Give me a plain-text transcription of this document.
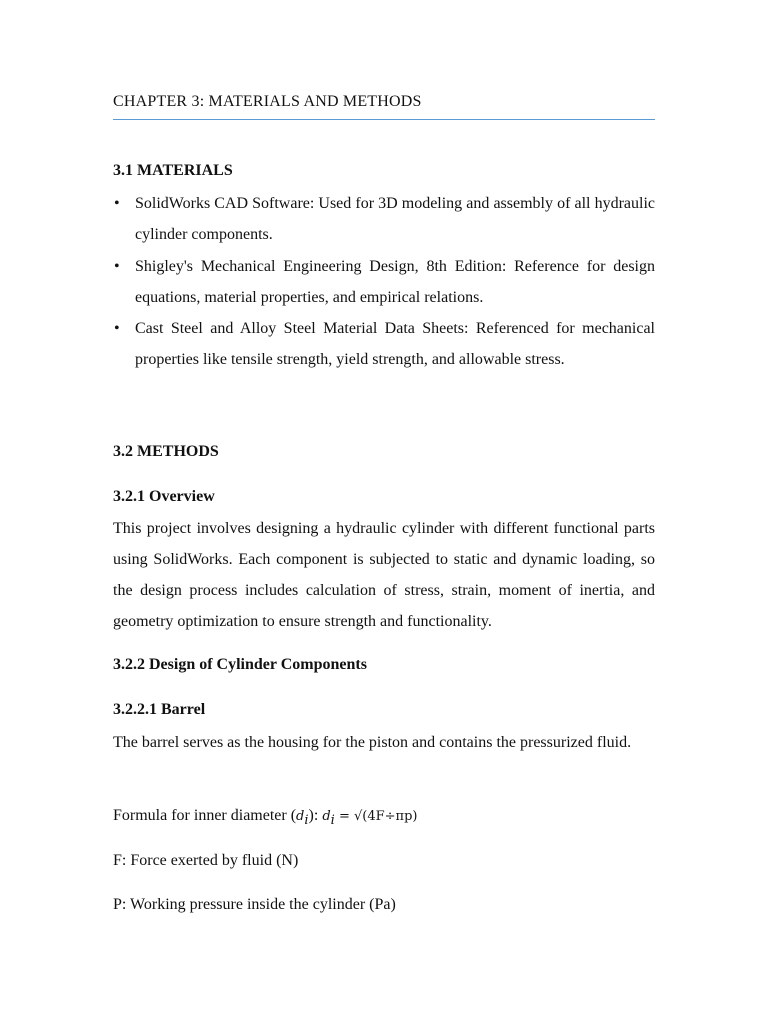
CHAPTER 3: MATERIALS AND METHODS
3.1 MATERIALS
• SolidWorks CAD Software: Used for 3D modeling and assembly of all hydraulic cylinder components.
• Shigley's Mechanical Engineering Design, 8th Edition: Reference for design equations, material properties, and empirical relations.
• Cast Steel and Alloy Steel Material Data Sheets: Referenced for mechanical properties like tensile strength, yield strength, and allowable stress.
3.2 METHODS
3.2.1 Overview
This project involves designing a hydraulic cylinder with different functional parts using SolidWorks. Each component is subjected to static and dynamic loading, so the design process includes calculation of stress, strain, moment of inertia, and geometry optimization to ensure strength and functionality.
3.2.2 Design of Cylinder Components
3.2.2.1 Barrel
The barrel serves as the housing for the piston and contains the pressurized fluid.
Formula for inner diameter $(d_i)$: $d_i = √(4F\div\pi p)$
F: Force exerted by fluid (N)
P: Working pressure inside the cylinder (Pa)
